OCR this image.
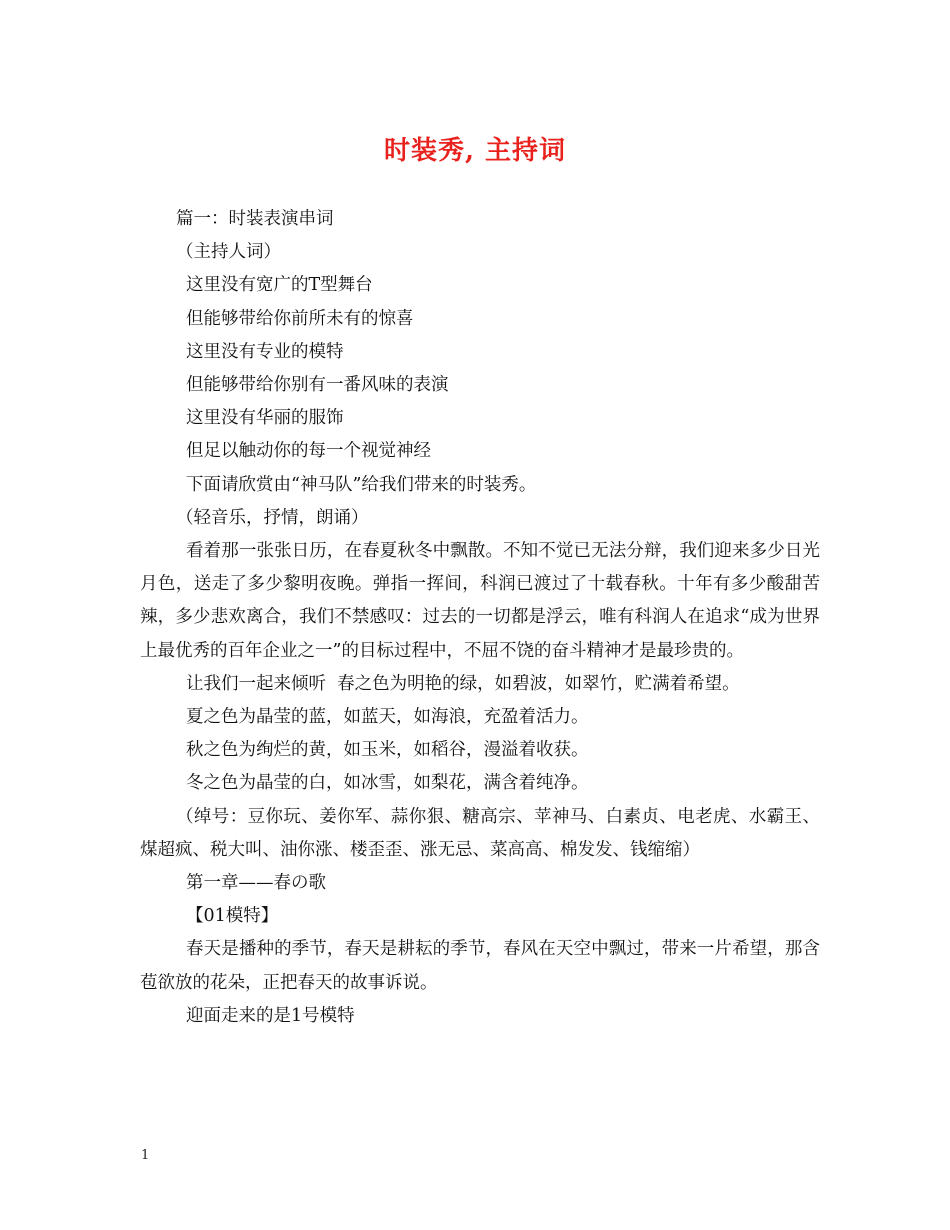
时装秀, 主持词

篇一：时装表演串词

（主持人词）

这里没有宽广的T型舞台

但能够带给你前所未有的惊喜

这里没有专业的模特

但能够带给你别有一番风味的表演

这里没有华丽的服饰

但足以触动你的每一个视觉神经

下面请欣赏由“神马队”给我们带来的时装秀。

（轻音乐，抒情，朗诵）

看着那一张张日历，在春夏秋冬中飘散。不知不觉已无法分辩，我们迎来多少日光月色，送走了多少黎明夜晚。弹指一挥间，科润已渡过了十载春秋。十年有多少酸甜苦辣，多少悲欢离合，我们不禁感叹：过去的一切都是浮云，唯有科润人在追求“成为世界上最优秀的百年企业之一”的目标过程中，不屈不饶的奋斗精神才是最珍贵的。

让我们一起来倾听  春之色为明艳的绿，如碧波，如翠竹，贮满着希望。

夏之色为晶莹的蓝，如蓝天，如海浪，充盈着活力。

秋之色为绚烂的黄，如玉米，如稻谷，漫溢着收获。

冬之色为晶莹的白，如冰雪，如梨花，满含着纯净。

（绰号：豆你玩、姜你军、蒜你狠、糖高宗、苹神马、白素贞、电老虎、水霸王、煤超疯、税大叫、油你涨、楼歪歪、涨无忌、菜高高、棉发发、钱缩缩）

第一章——春の歌

【01模特】

春天是播种的季节，春天是耕耘的季节，春风在天空中飘过，带来一片希望，那含苞欲放的花朵，正把春天的故事诉说。

迎面走来的是1号模特

1
